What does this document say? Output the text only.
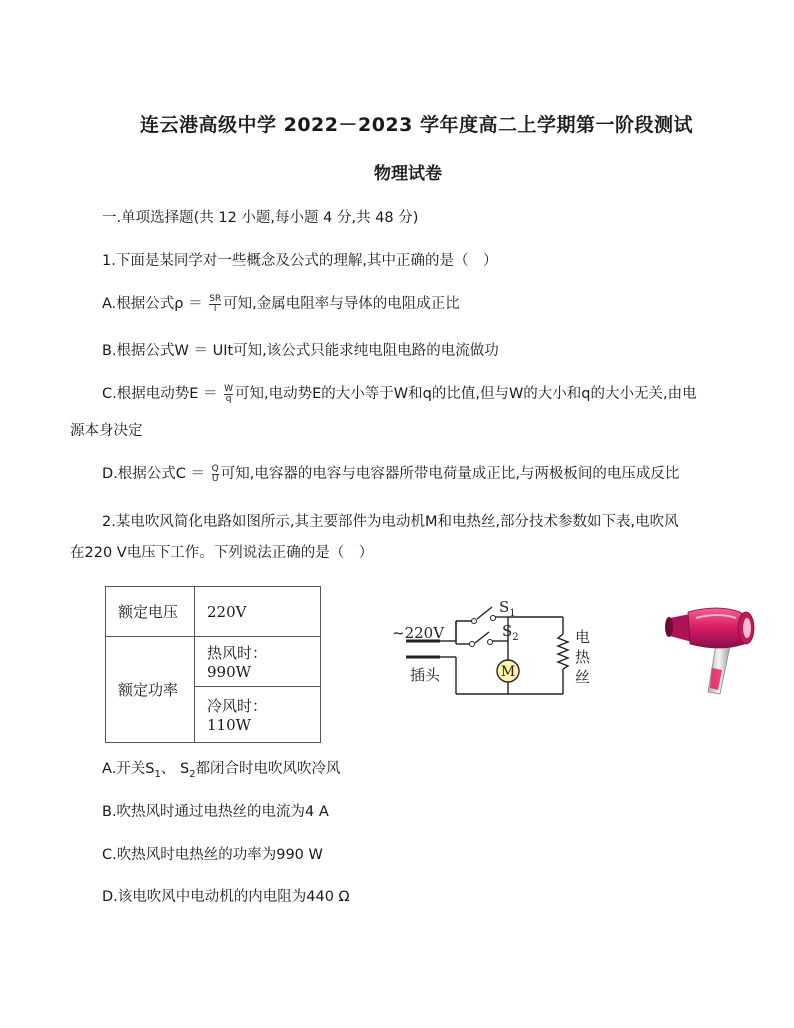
连云港高级中学 2022－2023 学年度高二上学期第一阶段测试
物理试卷
一.单项选择题(共 12 小题,每小题 4 分,共 48 分)
1.下面是某同学对一些概念及公式的理解,其中正确的是（　）
A.根据公式$\rho = \frac{SR}{l}$ 可知,金属电阻率与导体的电阻成正比
B.根据公式W ＝ UIt可知,该公式只能求纯电阻电路的电流做功
C.根据电动势$E = \frac{W}{q}$ 可知,电动势E的大小等于W和q的比值,但与W的大小和q的大小无关,由电
源本身决定
D.根据公式$C = \frac{Q}{U}$ 可知,电容器的电容与电容器所带电荷量成正比,与两极板间的电压成反比
2.某电吹风简化电路如图所示,其主要部件为电动机M和电热丝,部分技术参数如下表,电吹风
在220 V电压下工作。下列说法正确的是（　）
额定电压	220V
额定功率	热风时：990W
	冷风时：110W
M
~220V
插头
$S_1$
$S_2$	电
热
丝
A.开关$S_1$、 $S_2$都闭合时电吹风吹冷风
B.吹热风时通过电热丝的电流为4 A
C.吹热风时电热丝的功率为990 W
D.该电吹风中电动机的内电阻为440 Ω
